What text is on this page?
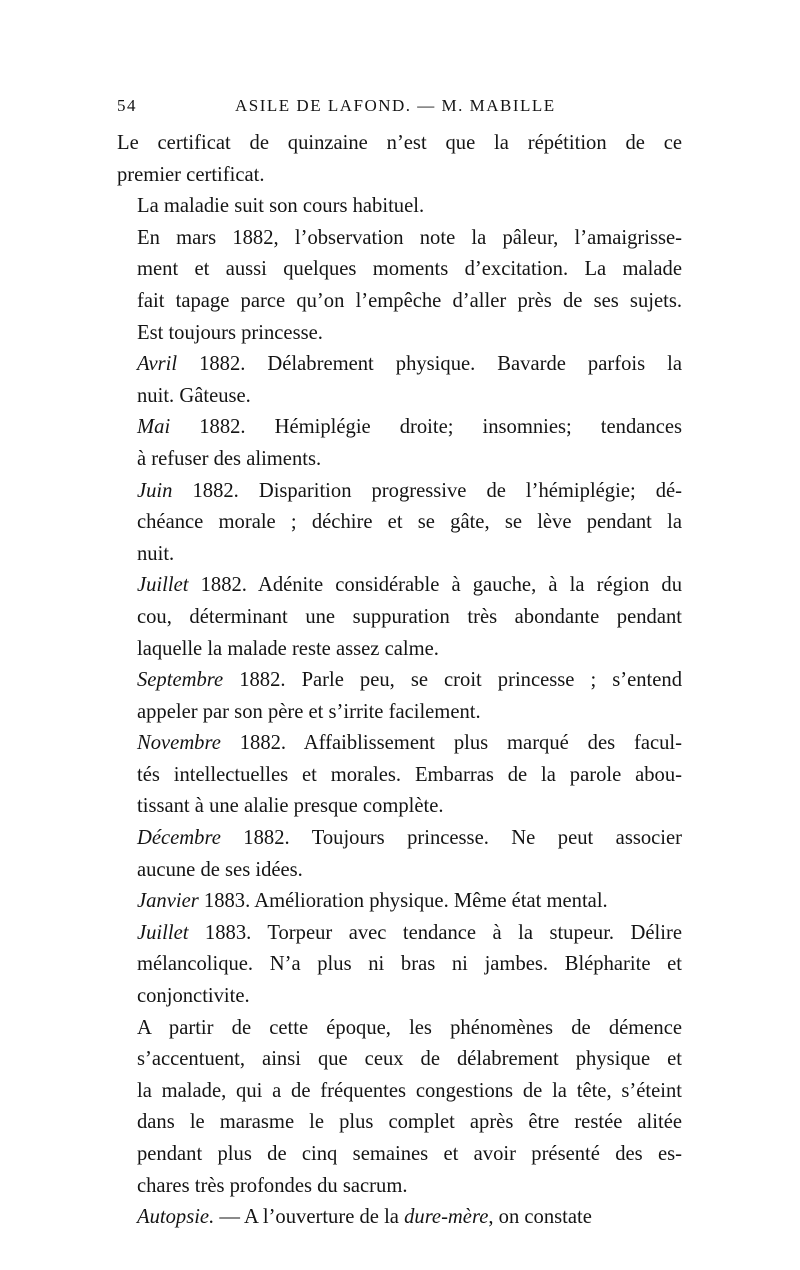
54	ASILE DE LAFOND. — M. MABILLE
Le certificat de quinzaine n’est que la répétition de ce
premier certificat.
La maladie suit son cours habituel.
En mars 1882, l’observation note la pâleur, l’amaigrisse-
ment et aussi quelques moments d’excitation. La malade
fait tapage parce qu’on l’empêche d’aller près de ses sujets.
Est toujours princesse.
Avril 1882. Délabrement physique. Bavarde parfois la
nuit. Gâteuse.
Mai 1882. Hémiplégie droite; insomnies; tendances
à refuser des aliments.
Juin 1882. Disparition progressive de l’hémiplégie; dé-
chéance morale ; déchire et se gâte, se lève pendant la
nuit.
Juillet 1882. Adénite considérable à gauche, à la région du
cou, déterminant une suppuration très abondante pendant
laquelle la malade reste assez calme.
Septembre 1882. Parle peu, se croit princesse ; s’entend
appeler par son père et s’irrite facilement.
Novembre 1882. Affaiblissement plus marqué des facul-
tés intellectuelles et morales. Embarras de la parole abou-
tissant à une alalie presque complète.
Décembre 1882. Toujours princesse. Ne peut associer
aucune de ses idées.
Janvier 1883. Amélioration physique. Même état mental.
Juillet 1883. Torpeur avec tendance à la stupeur. Délire
mélancolique. N’a plus ni bras ni jambes. Blépharite et
conjonctivite.
A partir de cette époque, les phénomènes de démence
s’accentuent, ainsi que ceux de délabrement physique et
la malade, qui a de fréquentes congestions de la tête, s’éteint
dans le marasme le plus complet après être restée alitée
pendant plus de cinq semaines et avoir présenté des es-
chares très profondes du sacrum.
Autopsie. — A l’ouverture de la dure-mère, on constate
